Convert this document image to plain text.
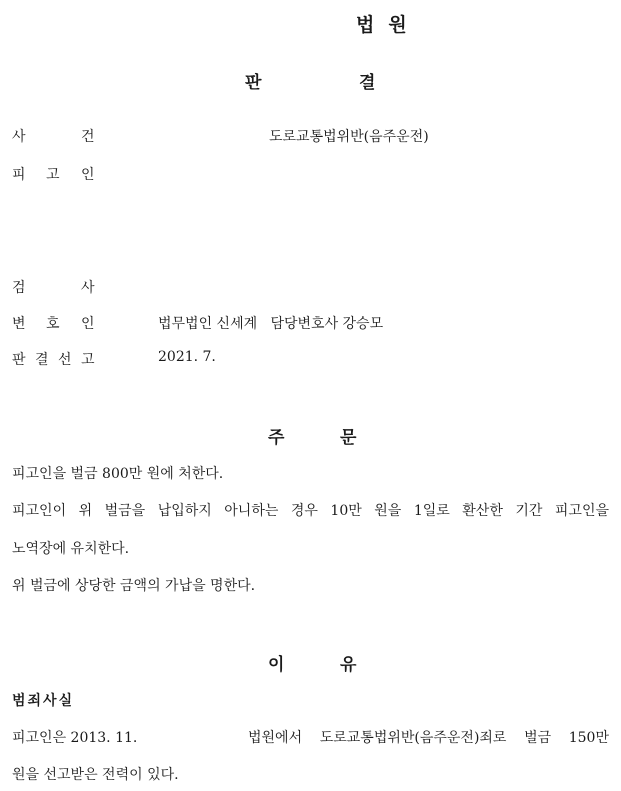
법원
판	결
사	건	도로교통법위반(음주운전)
피 고 인
검	사
변 호 인	법무법인 신세계   담당변호사 강승모
판 결 선 고	2021. 7.
주	문
피고인을 벌금 800만 원에 처한다.
피고인이 위 벌금을 납입하지 아니하는 경우 10만 원을 1일로 환산한 기간 피고인을
노역장에 유치한다.
위 벌금에 상당한 금액의 가납을 명한다.
이	유
범죄사실
피고인은 2013. 11.	법원에서 도로교통법위반(음주운전)죄로 벌금 150만
원을 선고받은 전력이 있다.
